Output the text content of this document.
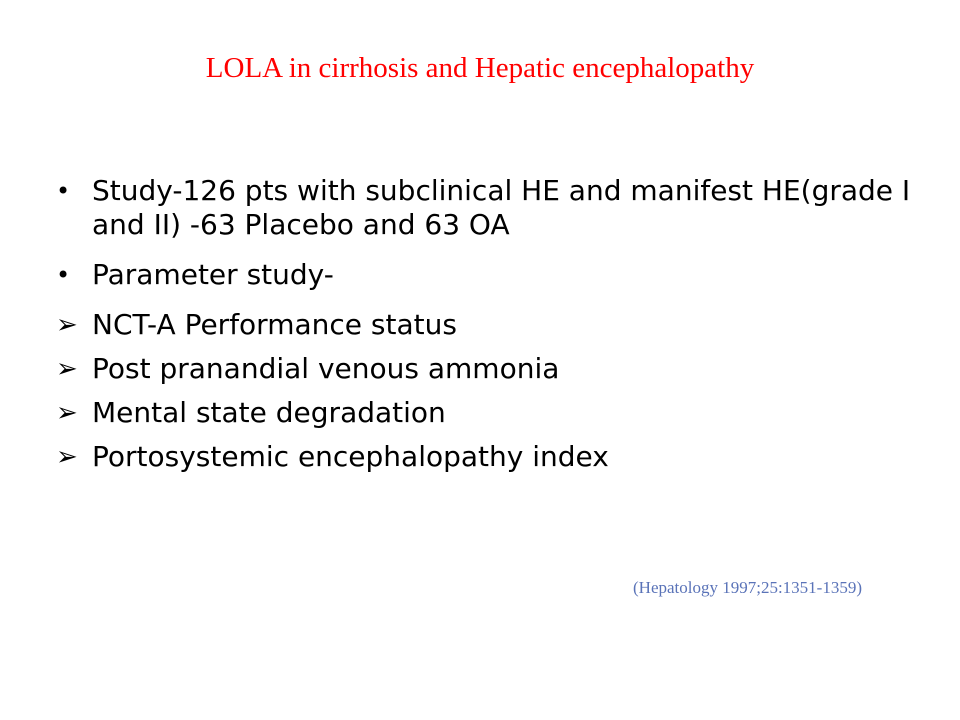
LOLA in cirrhosis and Hepatic encephalopathy
• Study-126 pts with subclinical HE and manifest HE(grade I and II) -63 Placebo and 63 OA
• Parameter study-
➢ NCT-A Performance status
➢ Post pranandial venous ammonia
➢ Mental state degradation
➢ Portosystemic encephalopathy index
(Hepatology 1997;25:1351-1359)
